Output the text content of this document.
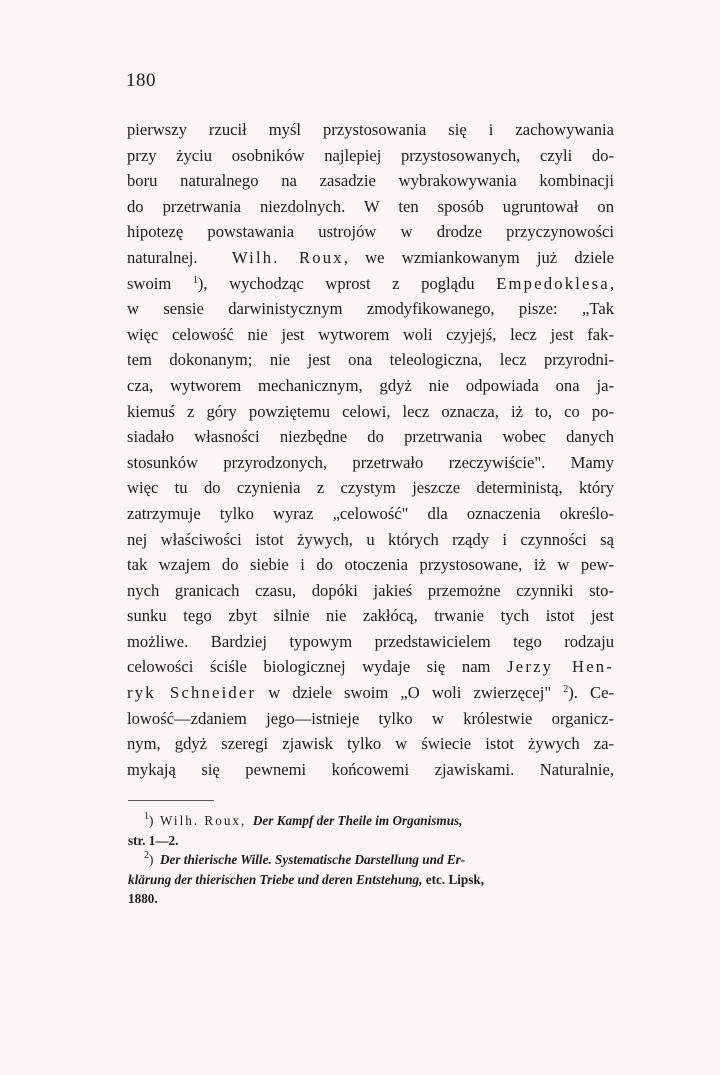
180
pierwszy rzucił myśl przystosowania się i zachowywania
przy życiu osobników najlepiej przystosowanych, czyli do-
boru naturalnego na zasadzie wybrakowywania kombinacji
do przetrwania niezdolnych. W ten sposób ugruntował on
hipotezę powstawania ustrojów w drodze przyczynowości
naturalnej. Wilh. Roux, we wzmiankowanym już dziele
swoim $^1$), wychodząc wprost z poglądu Empedoklesa,
w sensie darwinistycznym zmodyfikowanego, pisze: „Tak
więc celowość nie jest wytworem woli czyjejś, lecz jest fak-
tem dokonanym; nie jest ona teleologiczna, lecz przyrodni-
cza, wytworem mechanicznym, gdyż nie odpowiada ona ja-
kiemuś z góry powziętemu celowi, lecz oznacza, iż to, co po-
siadało własności niezbędne do przetrwania wobec danych
stosunków przyrodzonych, przetrwało rzeczywiście". Mamy
więc tu do czynienia z czystym jeszcze deterministą, który
zatrzymuje tylko wyraz „celowość" dla oznaczenia określo-
nej właściwości istot żywych, u których rządy i czynności są
tak wzajem do siebie i do otoczenia przystosowane, iż w pew-
nych granicach czasu, dopóki jakieś przemożne czynniki sto-
sunku tego zbyt silnie nie zakłócą, trwanie tych istot jest
możliwe. Bardziej typowym przedstawicielem tego rodzaju
celowości ściśle biologicznej wydaje się nam Jerzy Hen-
ryk Schneider w dziele swoim „O woli zwierzęcej" $^2$). Ce-
lowość—zdaniem jego—istnieje tylko w królestwie organicz-
nym, gdyż szeregi zjawisk tylko w świecie istot żywych za-
mykają się pewnemi końcowemi zjawiskami. Naturalnie,
$^1$)  Wilh. Roux, Der Kampf der Theile im Organismus,
str. 1—2.
$^2$)  Der thierische Wille. Systematische Darstellung und Er-
klärung der thierischen Triebe und deren Entstehung, etc. Lipsk,
1880.
